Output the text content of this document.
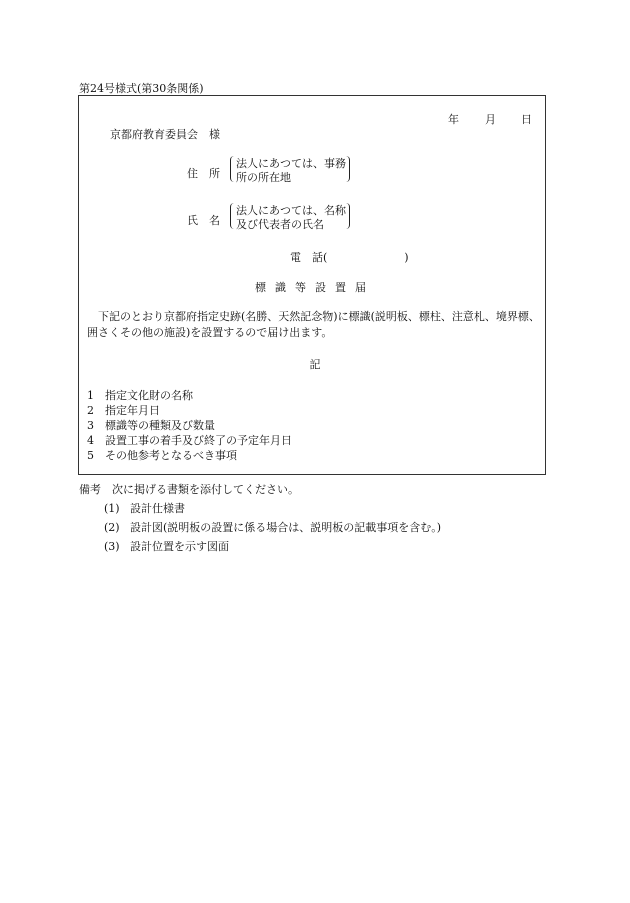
第24号様式(第30条関係)
年 月 日
京都府教育委員会　様
住　所
法人にあつては、事務
所の所在地
氏　名
法人にあつては、名称
及び代表者の氏名
電　話(　　　　　　　)
標識等設置届
　下記のとおり京都府指定史跡(名勝、天然記念物)に標識(説明板、標柱、注意札、境界標、囲さくその他の施設)を設置するので届け出ます。
記
1 指定文化財の名称
2 指定年月日
3 標識等の種類及び数量
4 設置工事の着手及び終了の予定年月日
5 その他参考となるべき事項
備考　次に掲げる書類を添付してください。
(1) 設計仕様書
(2) 設計図(説明板の設置に係る場合は、説明板の記載事項を含む。)
(3) 設計位置を示す図面
